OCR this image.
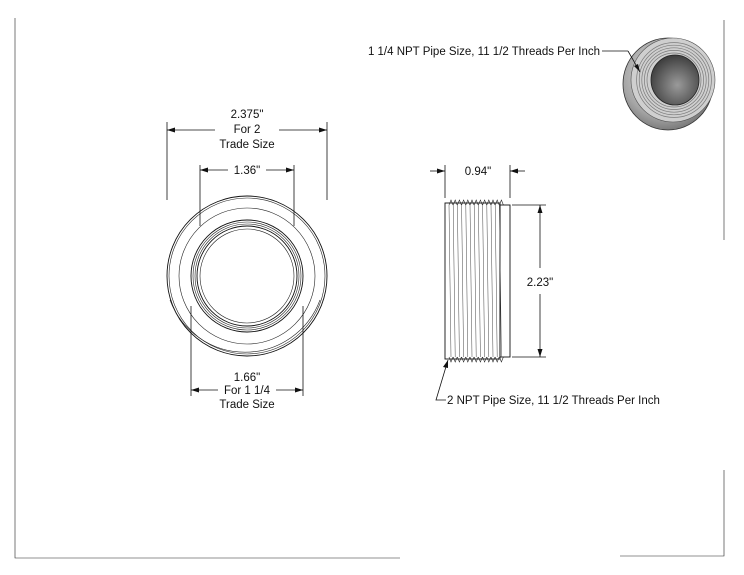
2.375"
For 2
Trade Size
1.36"
1.66"
For 1 1/4
Trade Size
0.94"
2.23"
2 NPT Pipe Size, 11 1/2 Threads Per Inch
1 1/4 NPT Pipe Size, 11 1/2 Threads Per Inch
